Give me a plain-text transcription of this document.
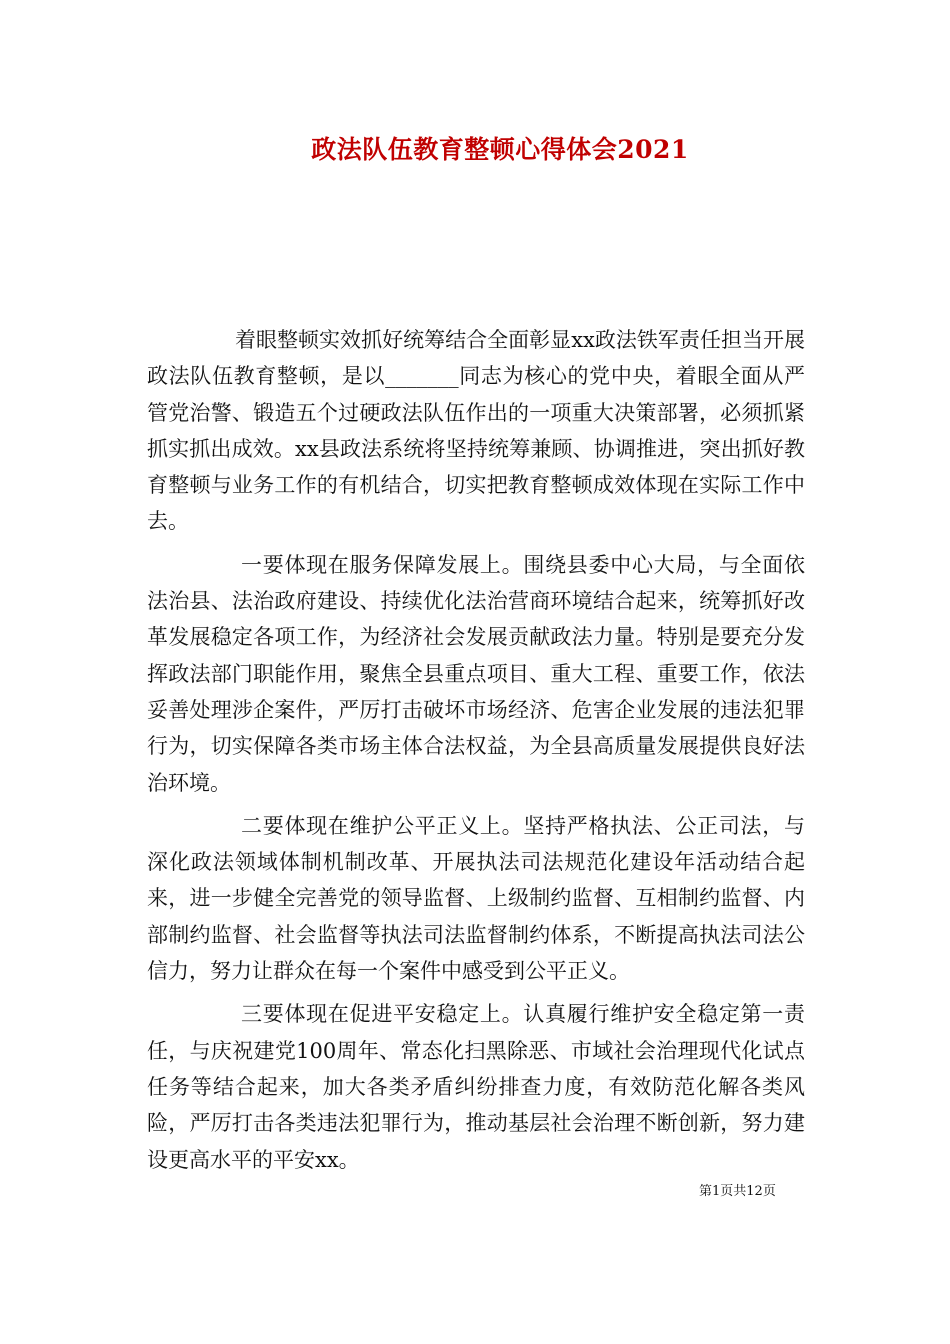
政法队伍教育整顿心得体会2021

着眼整顿实效抓好统筹结合全面彰显xx政法铁军责任担当开展政法队伍教育整顿，是以_______同志为核心的党中央，着眼全面从严管党治警、锻造五个过硬政法队伍作出的一项重大决策部署，必须抓紧抓实抓出成效。xx县政法系统将坚持统筹兼顾、协调推进，突出抓好教育整顿与业务工作的有机结合，切实把教育整顿成效体现在实际工作中去。

一要体现在服务保障发展上。围绕县委中心大局，与全面依法治县、法治政府建设、持续优化法治营商环境结合起来，统筹抓好改革发展稳定各项工作，为经济社会发展贡献政法力量。特别是要充分发挥政法部门职能作用，聚焦全县重点项目、重大工程、重要工作，依法妥善处理涉企案件，严厉打击破坏市场经济、危害企业发展的违法犯罪行为，切实保障各类市场主体合法权益，为全县高质量发展提供良好法治环境。

二要体现在维护公平正义上。坚持严格执法、公正司法，与深化政法领域体制机制改革、开展执法司法规范化建设年活动结合起来，进一步健全完善党的领导监督、上级制约监督、互相制约监督、内部制约监督、社会监督等执法司法监督制约体系，不断提高执法司法公信力，努力让群众在每一个案件中感受到公平正义。

三要体现在促进平安稳定上。认真履行维护安全稳定第一责任，与庆祝建党100周年、常态化扫黑除恶、市域社会治理现代化试点任务等结合起来，加大各类矛盾纠纷排查力度，有效防范化解各类风险，严厉打击各类违法犯罪行为，推动基层社会治理不断创新，努力建设更高水平的平安xx。

第1页共12页
